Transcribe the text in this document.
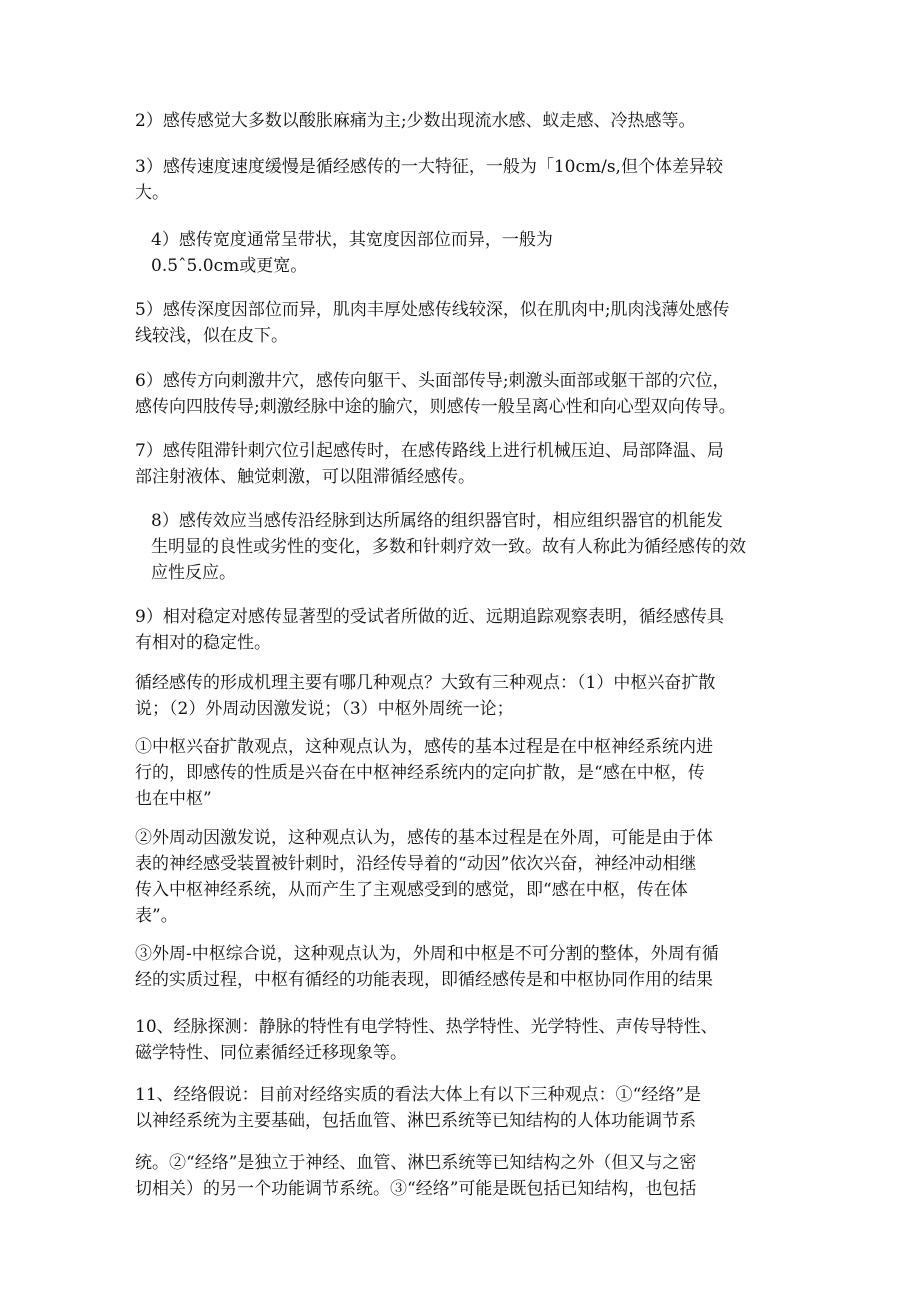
2）感传感觉大多数以酸胀麻痛为主;少数出现流水感、蚁走感、冷热感等。

3）感传速度速度缓慢是循经感传的一大特征，一般为「10cm/s,但个体差异较
大。

4）感传宽度通常呈带状，其宽度因部位而异，一般为
0.5ˆ5.0cm或更宽。

5）感传深度因部位而异，肌肉丰厚处感传线较深，似在肌肉中;肌肉浅薄处感传
线较浅，似在皮下。

6）感传方向刺激井穴，感传向躯干、头面部传导;刺激头面部或躯干部的穴位，
感传向四肢传导;刺激经脉中途的腧穴，则感传一般呈离心性和向心型双向传导。

7）感传阻滞针刺穴位引起感传时，在感传路线上进行机械压迫、局部降温、局
部注射液体、触觉刺激，可以阻滞循经感传。

8）感传效应当感传沿经脉到达所属络的组织器官时，相应组织器官的机能发
生明显的良性或劣性的变化，多数和针刺疗效一致。故有人称此为循经感传的效
应性反应。

9）相对稳定对感传显著型的受试者所做的近、远期追踪观察表明，循经感传具
有相对的稳定性。

循经感传的形成机理主要有哪几种观点？大致有三种观点：（1）中枢兴奋扩散
说；（2）外周动因激发说；（3）中枢外周统一论；

①中枢兴奋扩散观点，这种观点认为，感传的基本过程是在中枢神经系统内进
行的，即感传的性质是兴奋在中枢神经系统内的定向扩散，是“感在中枢，传
也在中枢”

②外周动因激发说，这种观点认为，感传的基本过程是在外周，可能是由于体
表的神经感受装置被针刺时，沿经传导着的“动因”依次兴奋，神经冲动相继
传入中枢神经系统，从而产生了主观感受到的感觉，即“感在中枢，传在体
表”。

③外周-中枢综合说，这种观点认为，外周和中枢是不可分割的整体，外周有循
经的实质过程，中枢有循经的功能表现，即循经感传是和中枢协同作用的结果

10、经脉探测：静脉的特性有电学特性、热学特性、光学特性、声传导特性、
磁学特性、同位素循经迁移现象等。

11、经络假说：目前对经络实质的看法大体上有以下三种观点：①“经络”是
以神经系统为主要基础，包括血管、淋巴系统等已知结构的人体功能调节系

统。②“经络”是独立于神经、血管、淋巴系统等已知结构之外（但又与之密
切相关）的另一个功能调节系统。③“经络”可能是既包括已知结构，也包括
